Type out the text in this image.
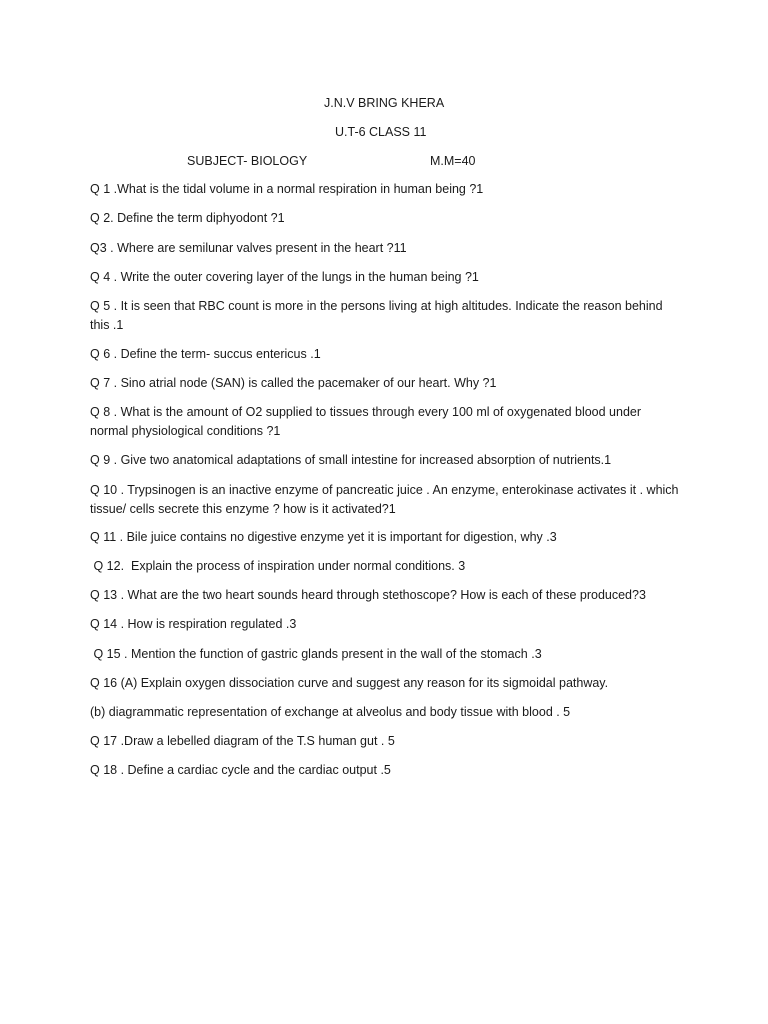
J.N.V BRING KHERA
U.T-6 CLASS 11
SUBJECT- BIOLOGY	M.M=40
Q 1 .What is the tidal volume in a normal respiration in human being ?1
Q 2. Define the term diphyodont ?1
Q3 . Where are semilunar valves present in the heart ?11
Q 4 . Write the outer covering layer of the lungs in the human being ?1
Q 5 . It is seen that RBC count is more in the persons living at high altitudes. Indicate the reason behind this .1
Q 6 . Define the term- succus entericus .1
Q 7 . Sino atrial node (SAN) is called the pacemaker of our heart. Why ?1
Q 8 . What is the amount of O2 supplied to tissues through every 100 ml of oxygenated blood under normal physiological conditions ?1
Q 9 . Give two anatomical adaptations of small intestine for increased absorption of nutrients.1
Q 10 . Trypsinogen is an inactive enzyme of pancreatic juice . An enzyme, enterokinase activates it . which tissue/ cells secrete this enzyme ? how is it activated?1
Q 11 . Bile juice contains no digestive enzyme yet it is important for digestion, why .3
Q 12.  Explain the process of inspiration under normal conditions. 3
Q 13 . What are the two heart sounds heard through stethoscope? How is each of these produced?3
Q 14 . How is respiration regulated .3
Q 15 . Mention the function of gastric glands present in the wall of the stomach .3
Q 16 (A) Explain oxygen dissociation curve and suggest any reason for its sigmoidal pathway.
(b) diagrammatic representation of exchange at alveolus and body tissue with blood . 5
Q 17 .Draw a lebelled diagram of the T.S human gut . 5
Q 18 . Define a cardiac cycle and the cardiac output .5
